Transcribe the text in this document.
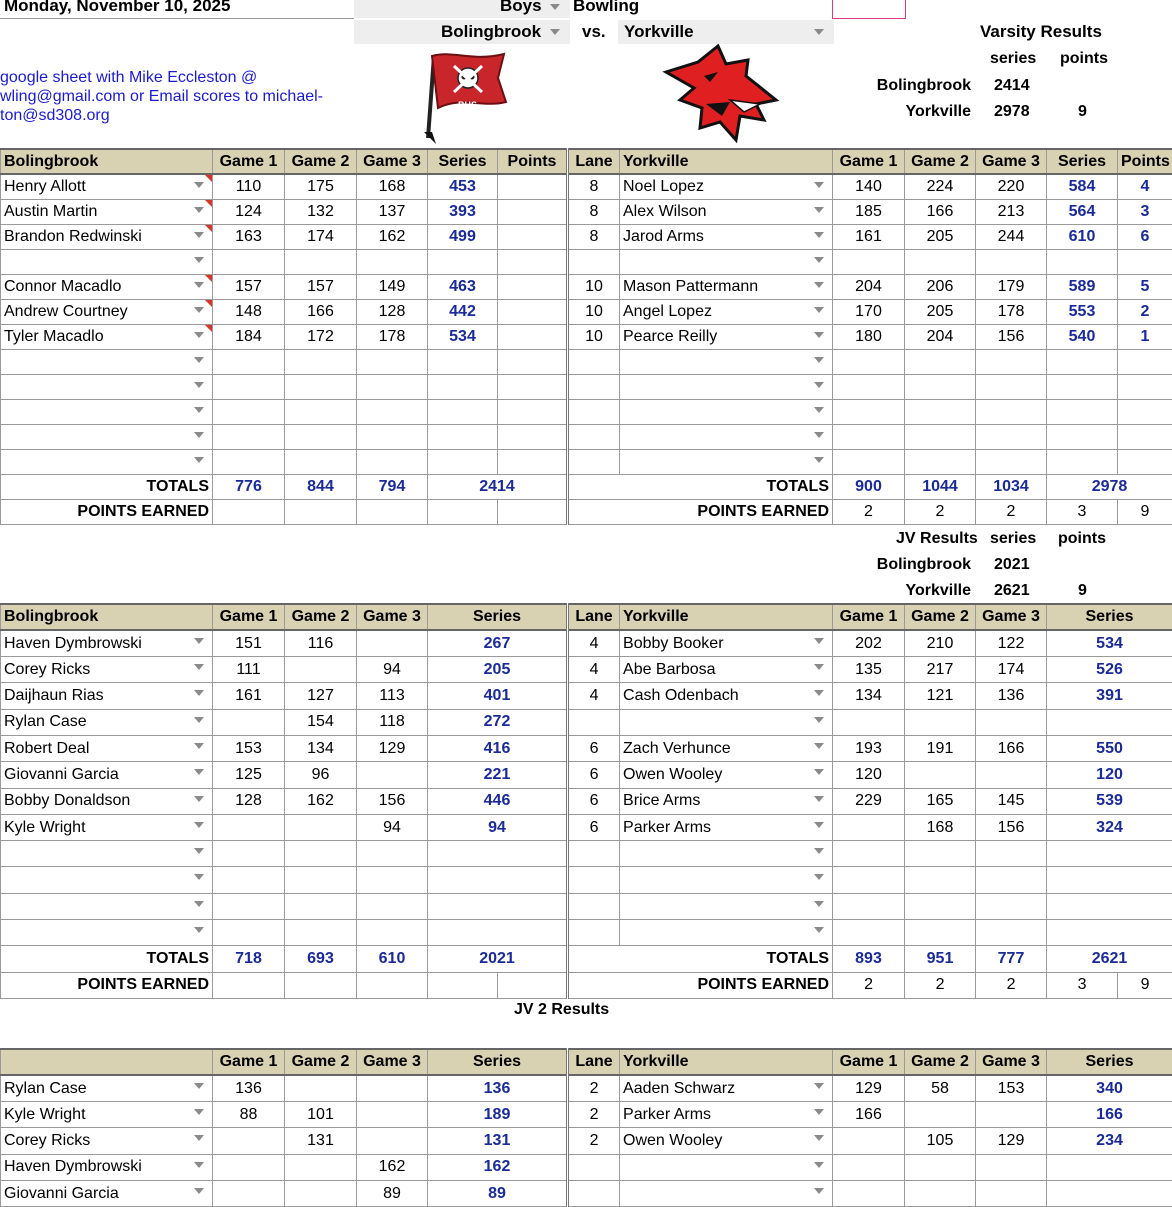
Monday, November 10, 2025	Boys Bowling
Bolingbrook vs. Yorkville
google sheet with Mike Eccleston @
wling@gmail.com or Email scores to michael-
ton@sd308.org
BHS
Varsity Results
series points
Bolingbrook 2414
Yorkville 2978	9
JV Results series points
Bolingbrook 2021
Yorkville 2621	9
JV 2 Results
Bolingbrook	Game 1	Game 2	Game 3	Series	Points	Lane	Yorkville	Game 1	Game 2	Game 3	Series	Points
Henry Allott	110	175	168	453		8	Noel Lopez	140	224	220	584	4
Austin Martin	124	132	137	393		8	Alex Wilson	185	166	213	564	3
Brandon Redwinski	163	174	162	499		8	Jarod Arms	161	205	244	610	6

Connor Macadlo	157	157	149	463		10	Mason Pattermann	204	206	179	589	5
Andrew Courtney	148	166	128	442		10	Angel Lopez	170	205	178	553	2
Tyler Macadlo	184	172	178	534		10	Pearce Reilly	180	204	156	540	1

TOTALS	776	844	794	2414		TOTALS		900	1044	1034	2978	
POINTS EARNED						POINTS EARNED		2	2	2	3	9
Bolingbrook	Game 1	Game 2	Game 3	Series		Lane	Yorkville	Game 1	Game 2	Game 3	Series	
Haven Dymbrowski	151	116		267		4	Bobby Booker	202	210	122	534	
Corey Ricks	111		94	205		4	Abe Barbosa	135	217	174	526	
Daijhaun Rias	161	127	113	401		4	Cash Odenbach	134	121	136	391	
Rylan Case		154	118	272				

Robert Deal	153	134	129	416		6	Zach Verhunce	193	191	166	550	
Giovanni Garcia	125	96		221		6	Owen Wooley	120			120	
Bobby Donaldson	128	162	156	446		6	Brice Arms	229	165	145	539	
Kyle Wright			94	94		6	Parker Arms		168	156	324	

TOTALS	718	693	610	2021		TOTALS		893	951	777	2621	
POINTS EARNED						POINTS EARNED		2	2	2	3	9
	Game 1	Game 2	Game 3	Series	Lane	Yorkville	Game 1	Game 2	Game 3	Series
Rylan Case	136			136	2	Aaden Schwarz	129	58	153	340
Kyle Wright	88	101		189	2	Parker Arms	166			166
Corey Ricks		131		131	2	Owen Wooley		105	129	234
Haven Dymbrowski			162	162		

Giovanni Garcia			89	89		
